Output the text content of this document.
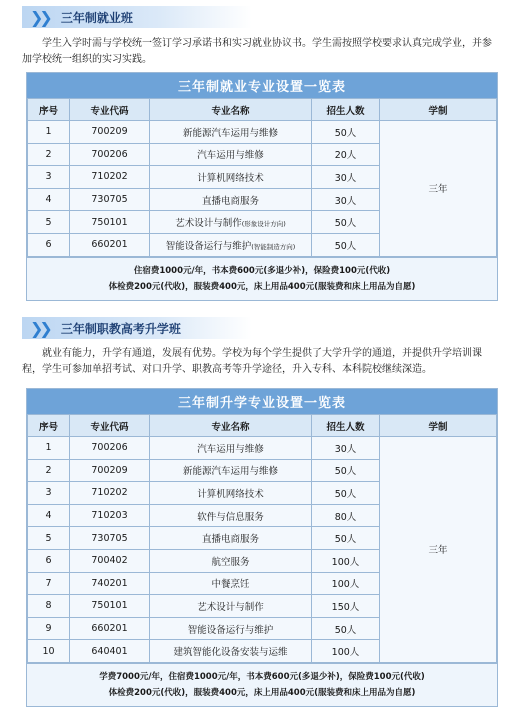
❯❯ 三年制就业班
学生入学时需与学校统一签订学习承诺书和实习就业协议书。学生需按照学校要求认真完成学业，并参加学校统一组织的实习实践。
三年制就业专业设置一览表
序号	专业代码	专业名称	招生人数	学制
1	700209	新能源汽车运用与维修	50人	三年
2	700206	汽车运用与维修	20人	
3	710202	计算机网络技术	30人	
4	730705	直播电商服务	30人	
5	750101	艺术设计与制作(形象设计方向)	50人	
6	660201	智能设备运行与维护(智能制造方向)	50人	
住宿费1000元/年，书本费600元(多退少补)，保险费100元(代收)
体检费200元(代收)，服装费400元，床上用品400元(服装费和床上用品为自愿)
❯❯ 三年制职教高考升学班
就业有能力，升学有通道，发展有优势。学校为每个学生提供了大学升学的通道，并提供升学培训课程，学生可参加单招考试、对口升学、职教高考等升学途径，升入专科、本科院校继续深造。
三年制升学专业设置一览表
序号	专业代码	专业名称	招生人数	学制
1	700206	汽车运用与维修	30人	三年
2	700209	新能源汽车运用与维修	50人	
3	710202	计算机网络技术	50人	
4	710203	软件与信息服务	80人	
5	730705	直播电商服务	50人	
6	700402	航空服务	100人	
7	740201	中餐烹饪	100人	
8	750101	艺术设计与制作	150人	
9	660201	智能设备运行与维护	50人	
10	640401	建筑智能化设备安装与运维	100人	
学费7000元/年，住宿费1000元/年，书本费600元(多退少补)，保险费100元(代收)
体检费200元(代收)，服装费400元，床上用品400元(服装费和床上用品为自愿)
